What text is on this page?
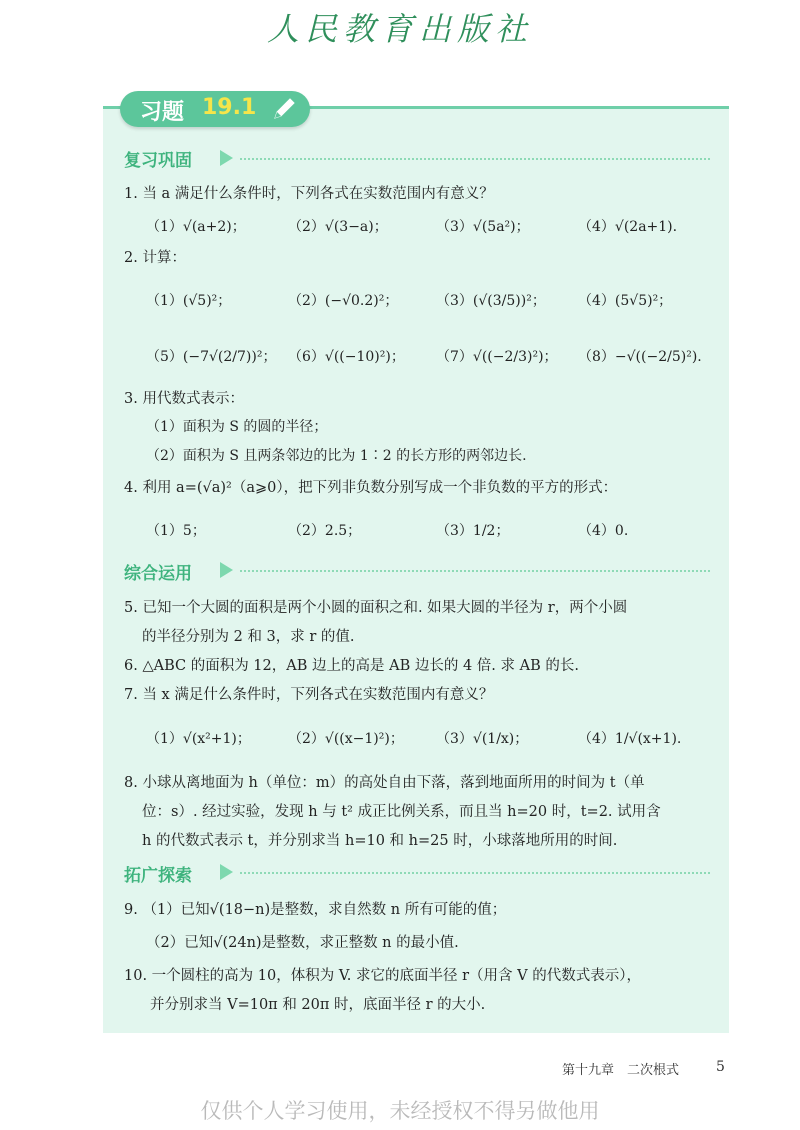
人民教育出版社
习题 19.1
复习巩固
1. 当 a 满足什么条件时，下列各式在实数范围内有意义？
（1）√(a+2)；	（2）√(3−a)；	（3）√(5a²)；	（4）√(2a+1).
2. 计算：
（1）(√5)²；	（2）(−√0.2)²；	（3）(√(3/5))²； （4）(5√5)²；
（5）(−7√(2/7))²； （6）√((−10)²)； （7）√((−2/3)²)； （8）−√((−2/5)²).
3. 用代数式表示：
（1）面积为 S 的圆的半径；
（2）面积为 S 且两条邻边的比为 1∶2 的长方形的两邻边长.
4. 利用 a=(√a)²（a⩾0），把下列非负数分别写成一个非负数的平方的形式：
（1）5；	（2）2.5；	（3）1/2；	（4）0.
综合运用
5. 已知一个大圆的面积是两个小圆的面积之和. 如果大圆的半径为 r，两个小圆
的半径分别为 2 和 3，求 r 的值.
6. △ABC 的面积为 12，AB 边上的高是 AB 边长的 4 倍. 求 AB 的长.
7. 当 x 满足什么条件时，下列各式在实数范围内有意义？
（1）√(x²+1)；	（2）√((x−1)²)； （3）√(1/x)；	（4）1/√(x+1).
8. 小球从离地面为 h（单位：m）的高处自由下落，落到地面所用的时间为 t（单
位：s）. 经过实验，发现 h 与 t² 成正比例关系，而且当 h=20 时，t=2. 试用含
h 的代数式表示 t，并分别求当 h=10 和 h=25 时，小球落地所用的时间.
拓广探索
9. （1）已知√(18−n)是整数，求自然数 n 所有可能的值；
（2）已知√(24n)是整数，求正整数 n 的最小值.
10. 一个圆柱的高为 10，体积为 V. 求它的底面半径 r（用含 V 的代数式表示），
并分别求当 V=10π 和 20π 时，底面半径 r 的大小.
第十九章　二次根式	5
仅供个人学习使用，未经授权不得另做他用
